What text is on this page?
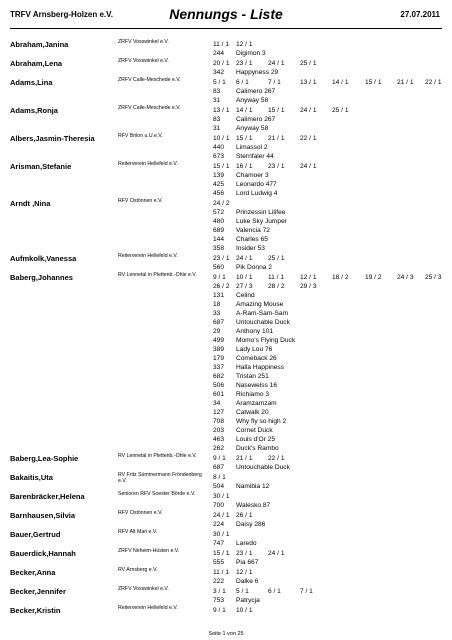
TRFV Arnsberg-Holzen e.V.	Nennungs - Liste	27.07.2011
Abraham,Janina	ZRFV Vosswinkel e.V.	11 / 1 12 / 1
244 Digimon 3
Abraham,Lena	ZRFV Vosswinkel e.V.	20 / 1 23 / 1 24 / 1 25 / 1
342 Happyness 29
Adams,Lina	ZRFV Calle-Meschede e.V.	5 / 1 6 / 1	7 / 1	13 / 1 14 / 1	15 / 1 21 / 1 22 / 1
83 Calimero 267
31 Anyway 58
Adams,Ronja	ZRFV Calle-Meschede e.V.	13 / 1 14 / 1 15 / 1 24 / 1 25 / 1
83 Calimero 267
31 Anyway 58
Albers,Jasmin-Theresia	RFV Brilon u.U.e.V.	10 / 1 15 / 1 21 / 1 22 / 1
440 Limassol 2
673 Sternfaler 44
Arisman,Stefanie	Reiterverein Hellefeld e.V.	15 / 1 16 / 1 23 / 1 24 / 1
139 Chamoer 3
425 Leonardo 477
456 Lord Ludwig 4
Arndt ,Nina	RFV Ostönnen e.V.	24 / 2
572 Prinzessin Lilifee
480 Luke Sky Jumper
689 Valencia 72
144 Charles 65
358 Insider 53
Aufmkolk,Vanessa	Reiterverein Hellefeld e.V.	23 / 1 24 / 1 25 / 1
560 Pik Donna 2
Baberg,Johannes	RV Lennetal in Plettenb.-Ohle e.V.	9 / 1 10 / 1 11 / 1 12 / 1 18 / 2	19 / 2 24 / 3 25 / 3
26 / 2 27 / 3 28 / 2 29 / 3
131 Celind
18 Amazing Mouse
33 A-Ram-Sam-Sam
687 Untouchable Duck
29 Anthony 101
499 Momo's Flying Duck
389 Lady Lou 76
179 Comeback 26
337 Halla Happiness
682 Tristan 251
506 Nasewelss 16
601 Richiamo 3
34 Aramzamzam
127 Catwalk 20
708 Why fly so high 2
203 Cornet Duck
463 Louis d'Or 25
262 Duck's Rambo
Baberg,Lea-Sophie	RV Lennetal in Plettenb.-Ohle e.V.	9 / 1 21 / 1 22 / 1
687 Untouchable Duck
Bakaitis,Uta	RV Fritz Sümmermann Fröndenberg e.V.	8 / 1
504 Namibia 12
Barenbräcker,Helena	Senioren RFV Soester Börde e.V.	30 / 1
700 Walesko 87
Barnhausen,Silvia	RFV Ostönnen e.V.	24 / 1 26 / 1
224 Daisy 286
Bauer,Gertrud	RFV Alt Mari e.V.	30 / 1
747 Laredo
Bauerdick,Hannah	ZRFV Neheim-Hüsten e.V.	15 / 1 23 / 1 24 / 1
555 Pia 667
Becker,Anna	RV Arnsberg e.V.	11 / 1 12 / 1
222 Dalke 6
Becker,Jennifer	ZRFV Vosswinkel e.V.	3 / 1 5 / 1	6 / 1	7 / 1
753 Patrycja
Becker,Kristin	Reiterverein Hellefeld e.V.	9 / 1 10 / 1
Seite 1 von 25
